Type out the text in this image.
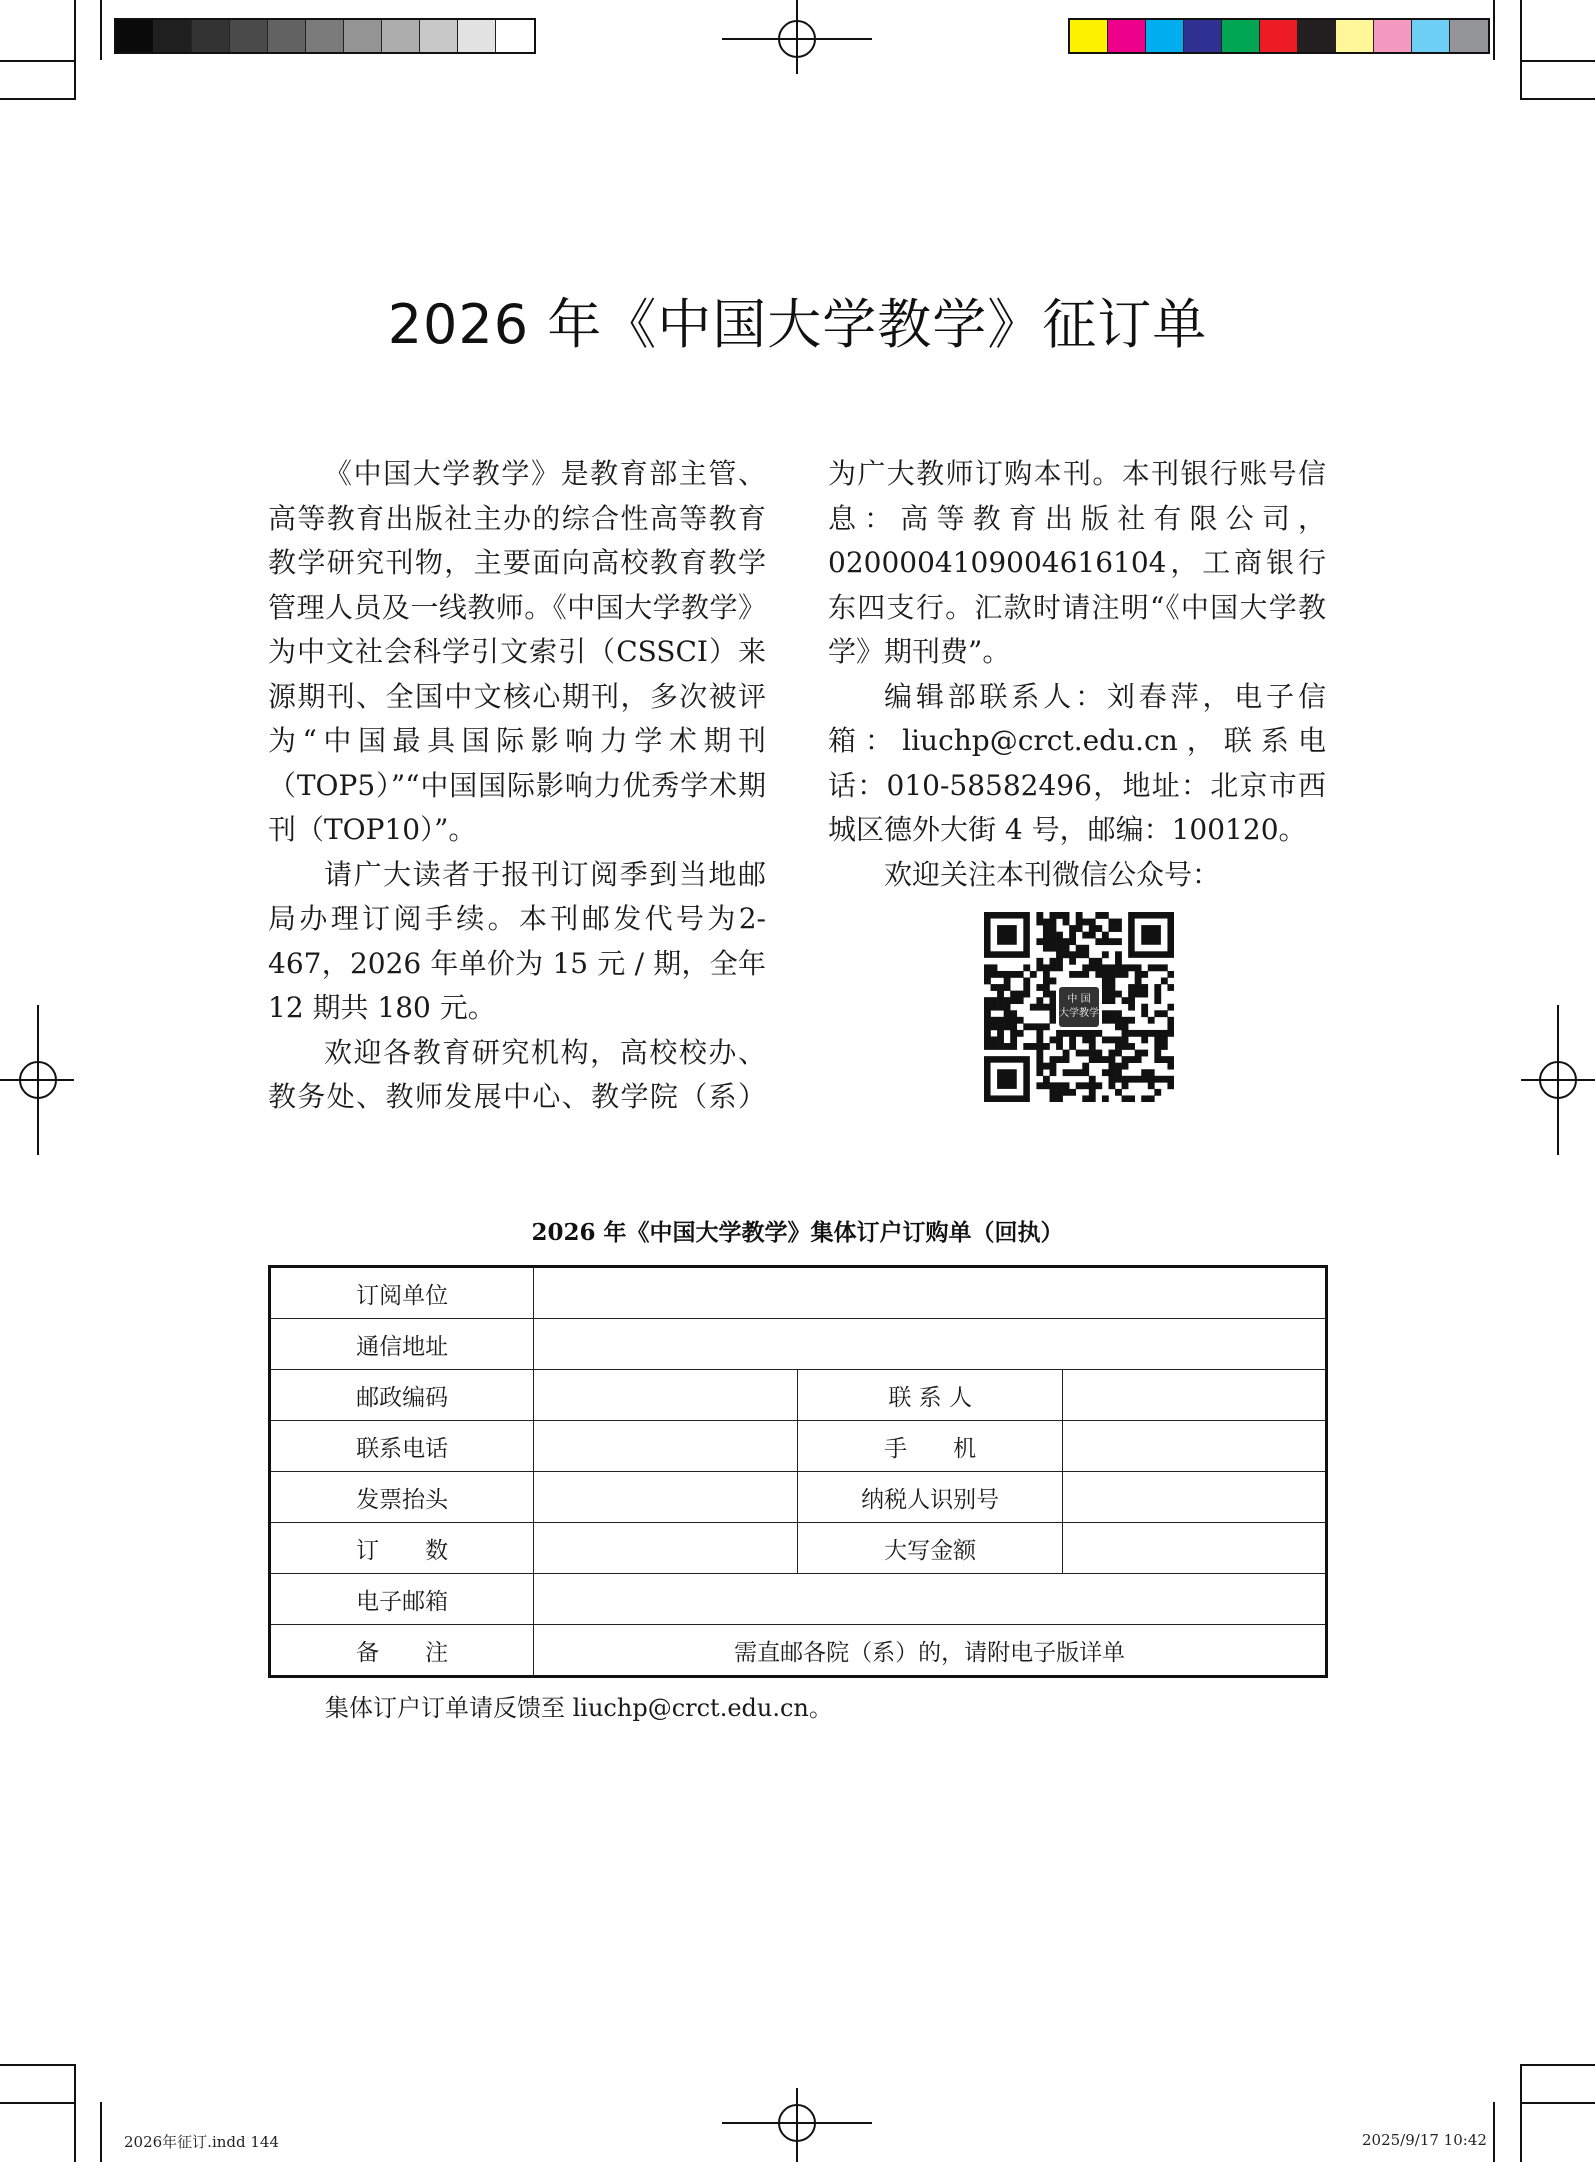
2026 年《中国大学教学》征订单

《中国大学教学》是教育部主管、高等教育出版社主办的综合性高等教育教学研究刊物，主要面向高校教育教学管理人员及一线教师。《中国大学教学》为中文社会科学引文索引（CSSCI）来源期刊、全国中文核心期刊，多次被评为“中国最具国际影响力学术期刊（TOP5）”“中国国际影响力优秀学术期刊（TOP10）”。

请广大读者于报刊订阅季到当地邮局办理订阅手续。本刊邮发代号为2-467，2026 年单价为 15 元 / 期，全年12 期共 180 元。

欢迎各教育研究机构，高校校办、教务处、教师发展中心、教学院（系）

为广大教师订购本刊。本刊银行账号信息：高等教育出版社有限公司，0200004109004616104，工商银行东四支行。汇款时请注明“《中国大学教学》期刊费”。

编辑部联系人：刘春萍，电子信箱：liuchp@crct.edu.cn，联系电话：010-58582496，地址：北京市西城区德外大街 4 号，邮编：100120。

欢迎关注本刊微信公众号：

中 国
大学教学
2026 年《中国大学教学》集体订户订购单（回执）
订阅单位			
通信地址			
邮政编码		联 系 人	
联系电话		手　　机	
发票抬头		纳税人识别号	
订　　数		大写金额	
电子邮箱			
备　　注	需直邮各院（系）的，请附电子版详单		
集体订户订单请反馈至 liuchp@crct.edu.cn。
2026年征订.indd 144	2025/9/17 10:42
